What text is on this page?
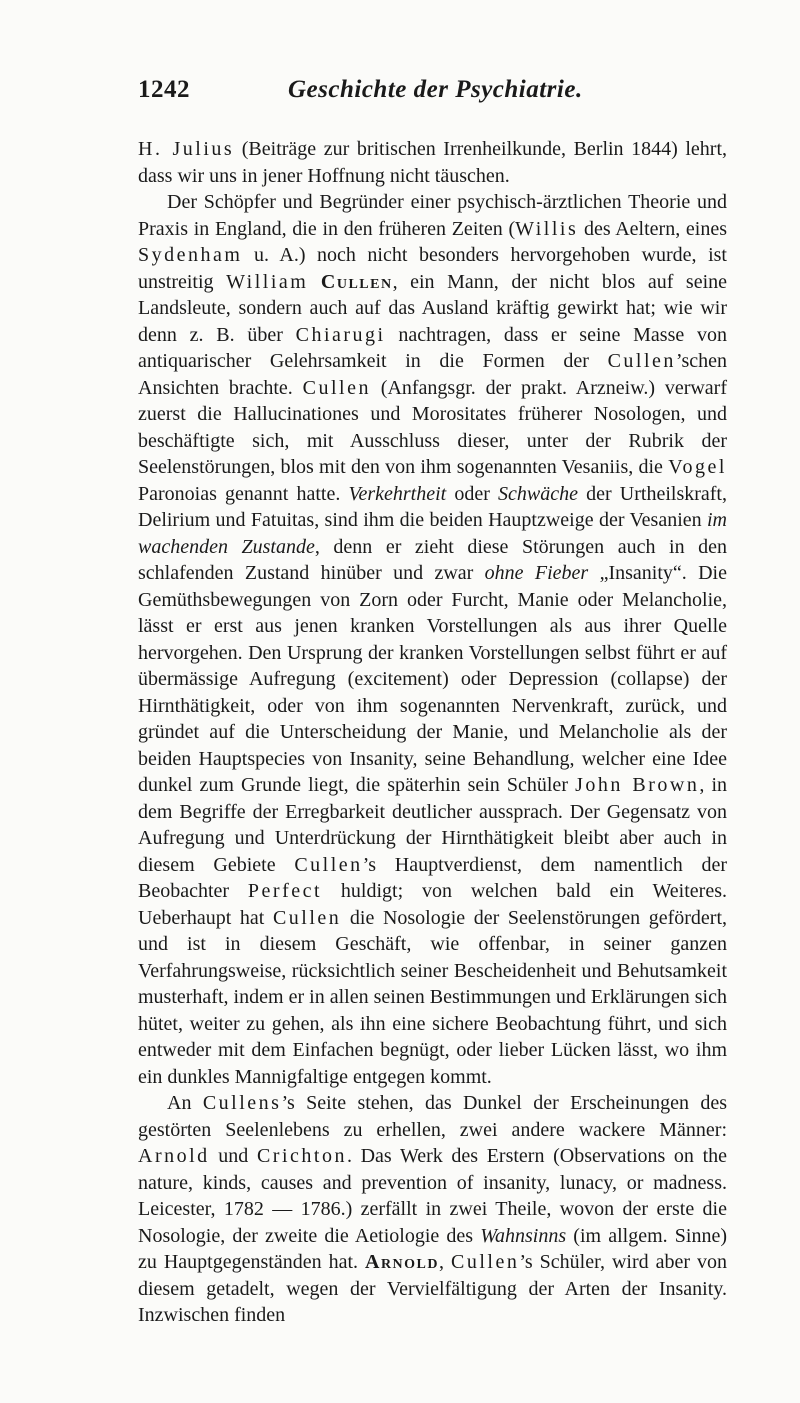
1242	Geschichte der Psychiatrie.

H. Julius (Beiträge zur britischen Irrenheilkunde, Berlin 1844) lehrt, dass wir uns in jener Hoffnung nicht täuschen.

Der Schöpfer und Begründer einer psychisch-ärztlichen Theorie und Praxis in England, die in den früheren Zeiten (Willis des Aeltern, eines Sydenham u. A.) noch nicht besonders hervorgehoben wurde, ist unstreitig William Cullen, ein Mann, der nicht blos auf seine Landsleute, sondern auch auf das Ausland kräftig gewirkt hat; wie wir denn z. B. über Chiarugi nachtragen, dass er seine Masse von antiquarischer Gelehrsamkeit in die Formen der Cullen’schen Ansichten brachte. Cullen (Anfangsgr. der prakt. Arzneiw.) verwarf zuerst die Hallucinationes und Morositates früherer Nosologen, und beschäftigte sich, mit Ausschluss dieser, unter der Rubrik der Seelenstörungen, blos mit den von ihm sogenannten Vesaniis, die Vogel Paronoias genannt hatte. Verkehrtheit oder Schwäche der Urtheilskraft, Delirium und Fatuitas, sind ihm die beiden Hauptzweige der Vesanien im wachenden Zustande, denn er zieht diese Störungen auch in den schlafenden Zustand hinüber und zwar ohne Fieber „Insanity“. Die Gemüthsbewegungen von Zorn oder Furcht, Manie oder Melancholie, lässt er erst aus jenen kranken Vorstellungen als aus ihrer Quelle hervorgehen. Den Ursprung der kranken Vorstellungen selbst führt er auf übermässige Aufregung (excitement) oder Depression (collapse) der Hirnthätigkeit, oder von ihm sogenannten Nervenkraft, zurück, und gründet auf die Unterscheidung der Manie, und Melancholie als der beiden Hauptspecies von Insanity, seine Behandlung, welcher eine Idee dunkel zum Grunde liegt, die späterhin sein Schüler John Brown, in dem Begriffe der Erregbarkeit deutlicher aussprach. Der Gegensatz von Aufregung und Unterdrückung der Hirnthätigkeit bleibt aber auch in diesem Gebiete Cullen’s Hauptverdienst, dem namentlich der Beobachter Perfect huldigt; von welchen bald ein Weiteres. Ueberhaupt hat Cullen die Nosologie der Seelenstörungen gefördert, und ist in diesem Geschäft, wie offenbar, in seiner ganzen Verfahrungsweise, rücksichtlich seiner Bescheidenheit und Behutsamkeit musterhaft, indem er in allen seinen Bestimmungen und Erklärungen sich hütet, weiter zu gehen, als ihn eine sichere Beobachtung führt, und sich entweder mit dem Einfachen begnügt, oder lieber Lücken lässt, wo ihm ein dunkles Mannigfaltige entgegen kommt.

An Cullens’s Seite stehen, das Dunkel der Erscheinungen des gestörten Seelenlebens zu erhellen, zwei andere wackere Männer: Arnold und Crichton. Das Werk des Erstern (Observations on the nature, kinds, causes and prevention of insanity, lunacy, or madness. Leicester, 1782 — 1786.) zerfällt in zwei Theile, wovon der erste die Nosologie, der zweite die Aetiologie des Wahnsinns (im allgem. Sinne) zu Hauptgegenständen hat. Arnold, Cullen’s Schüler, wird aber von diesem getadelt, wegen der Vervielfältigung der Arten der Insanity. Inzwischen finden
